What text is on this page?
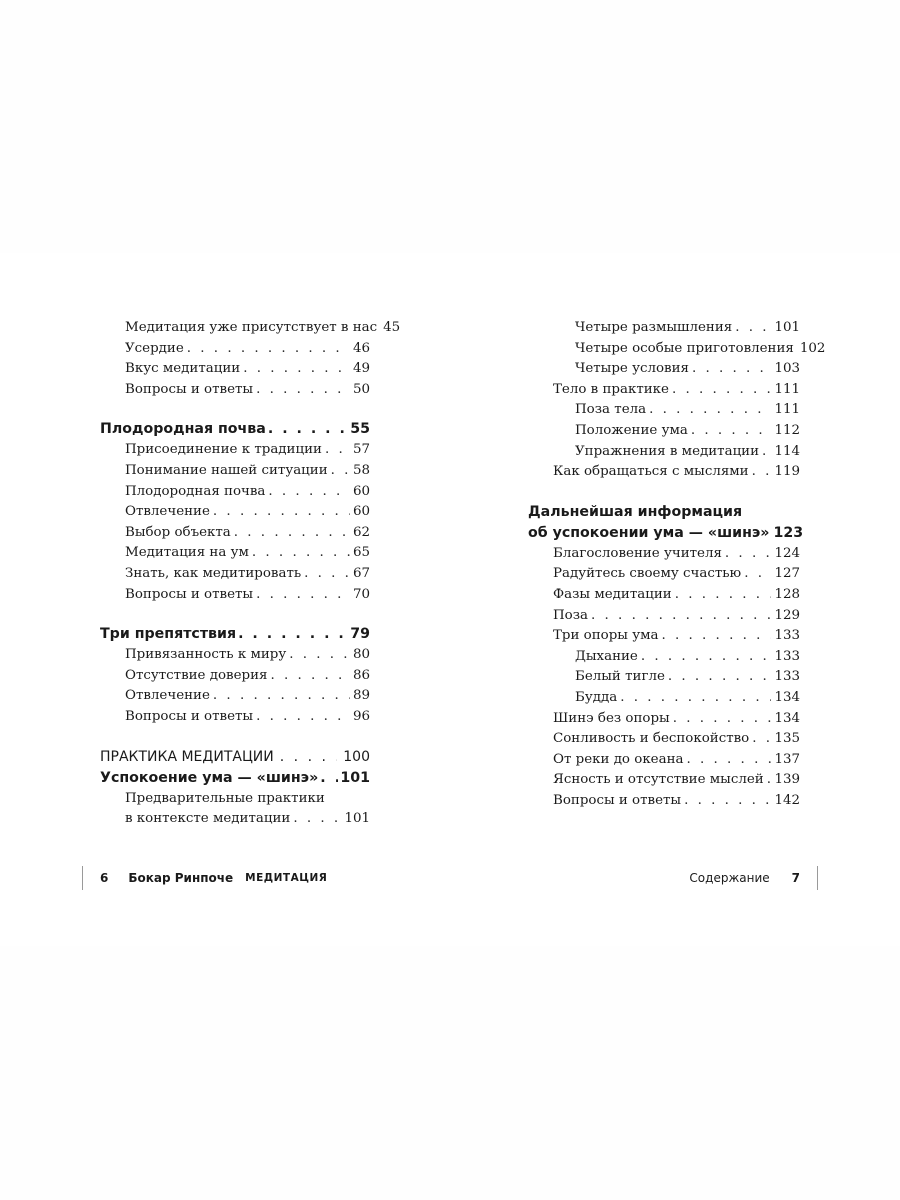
Медитация уже присутствует в нас 45
Усердие . . .	46
Вкус медитации . . .	49
Вопросы и ответы . . .	50
Плодородная почва . . .	55
Присоединение к традиции . . . 57
Понимание нашей ситуации . . . 58
Плодородная почва . . .	60
Отвлечение . . .	60
Выбор объекта . . .	62
Медитация на ум . . .	65
Знать, как медитировать . . .	67
Вопросы и ответы . . .	70
Три препятствия . . .	79
Привязанность к миру . . .	80
Отсутствие доверия . . .	86
Отвлечение . . .	89
Вопросы и ответы . . .	96
ПРАКТИКА МЕДИТАЦИИ . . .	100
Успокоение ума — «шинэ» . . . 101
Предварительные практики
в контексте медитации . . .	101
Четыре размышления . . .	101
Четыре особые приготовления 102
Четыре условия . . .	103
Тело в практике . . .	111
Поза тела . . .	111
Положение ума . . .	112
Упражнения в медитации . . . 114
Как обращаться с мыслями . . . 119
Дальнейшая информация
об успокоении ума — «шинэ» 123
Благословение учителя . . .	124
Радуйтесь своему счастью . . . 127
Фазы медитации . . .	128
Поза . . .	129
Три опоры ума . . .	133
Дыхание . . .	133
Белый тигле . . .	133
Будда . . .	134
Шинэ без опоры . . .	134
Сонливость и беспокойство . . . 135
От реки до океана . . .	137
Ясность и отсутствие мыслей . . . 139
Вопросы и ответы . . .	142
6 Бокар Ринпоче МЕДИТАЦИЯ	Содержание 7
